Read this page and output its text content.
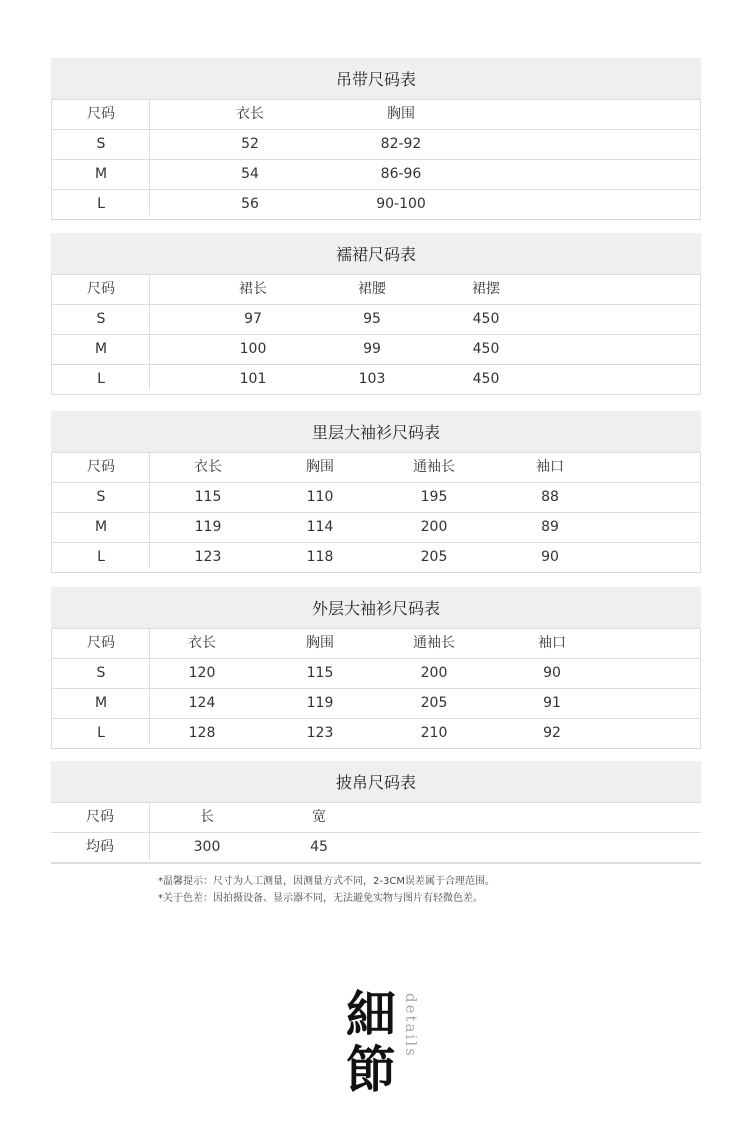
吊带尺码表
尺码	衣长	胸围
S	52	82-92
M	54	86-96
L	56	90-100
襦裙尺码表
尺码	裙长	裙腰	裙摆
S	97	95	450
M	100	99	450
L	101	103	450
里层大袖衫尺码表
尺码	衣长	胸围	通袖长	袖口
S	115	110	195	88
M	119	114	200	89
L	123	118	205	90
外层大袖衫尺码表
尺码	衣长	胸围	通袖长	袖口
S	120	115	200	90
M	124	119	205	91
L	128	123	210	92
披帛尺码表
尺码	长	宽
均码	300	45
*温馨提示：尺寸为人工测量，因测量方式不同，2-3CM误差属于合理范围。
*关于色差：因拍摄设备、显示器不同，无法避免实物与图片有轻微色差。
細
節
details
